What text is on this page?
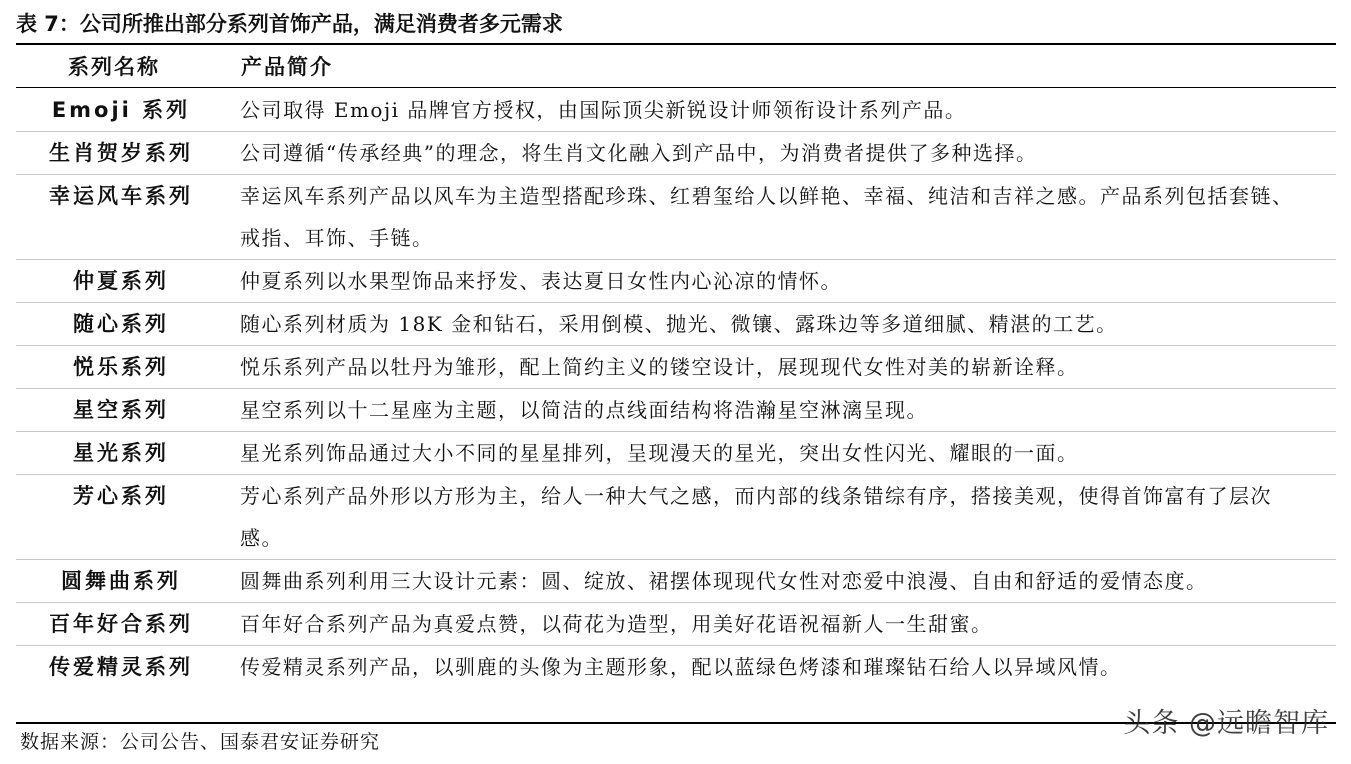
表 7：公司所推出部分系列首饰产品，满足消费者多元需求
系列名称	产品简介
Emoji 系列	公司取得 Emoji 品牌官方授权，由国际顶尖新锐设计师领衔设计系列产品。
生肖贺岁系列	公司遵循“传承经典”的理念，将生肖文化融入到产品中，为消费者提供了多种选择。
幸运风车系列	幸运风车系列产品以风车为主造型搭配珍珠、红碧玺给人以鲜艳、幸福、纯洁和吉祥之感。产品系列包括套链、戒指、耳饰、手链。
仲夏系列	仲夏系列以水果型饰品来抒发、表达夏日女性内心沁凉的情怀。
随心系列	随心系列材质为 18K 金和钻石，采用倒模、抛光、微镶、露珠边等多道细腻、精湛的工艺。
悦乐系列	悦乐系列产品以牡丹为雏形，配上简约主义的镂空设计，展现现代女性对美的崭新诠释。
星空系列	星空系列以十二星座为主题，以简洁的点线面结构将浩瀚星空淋漓呈现。
星光系列	星光系列饰品通过大小不同的星星排列，呈现漫天的星光，突出女性闪光、耀眼的一面。
芳心系列	芳心系列产品外形以方形为主，给人一种大气之感，而内部的线条错综有序，搭接美观，使得首饰富有了层次感。
圆舞曲系列	圆舞曲系列利用三大设计元素：圆、绽放、裙摆体现现代女性对恋爱中浪漫、自由和舒适的爱情态度。
百年好合系列	百年好合系列产品为真爱点赞，以荷花为造型，用美好花语祝福新人一生甜蜜。
传爱精灵系列	传爱精灵系列产品，以驯鹿的头像为主题形象，配以蓝绿色烤漆和璀璨钻石给人以异域风情。
数据来源：公司公告、国泰君安证券研究
头条 @远瞻智库
